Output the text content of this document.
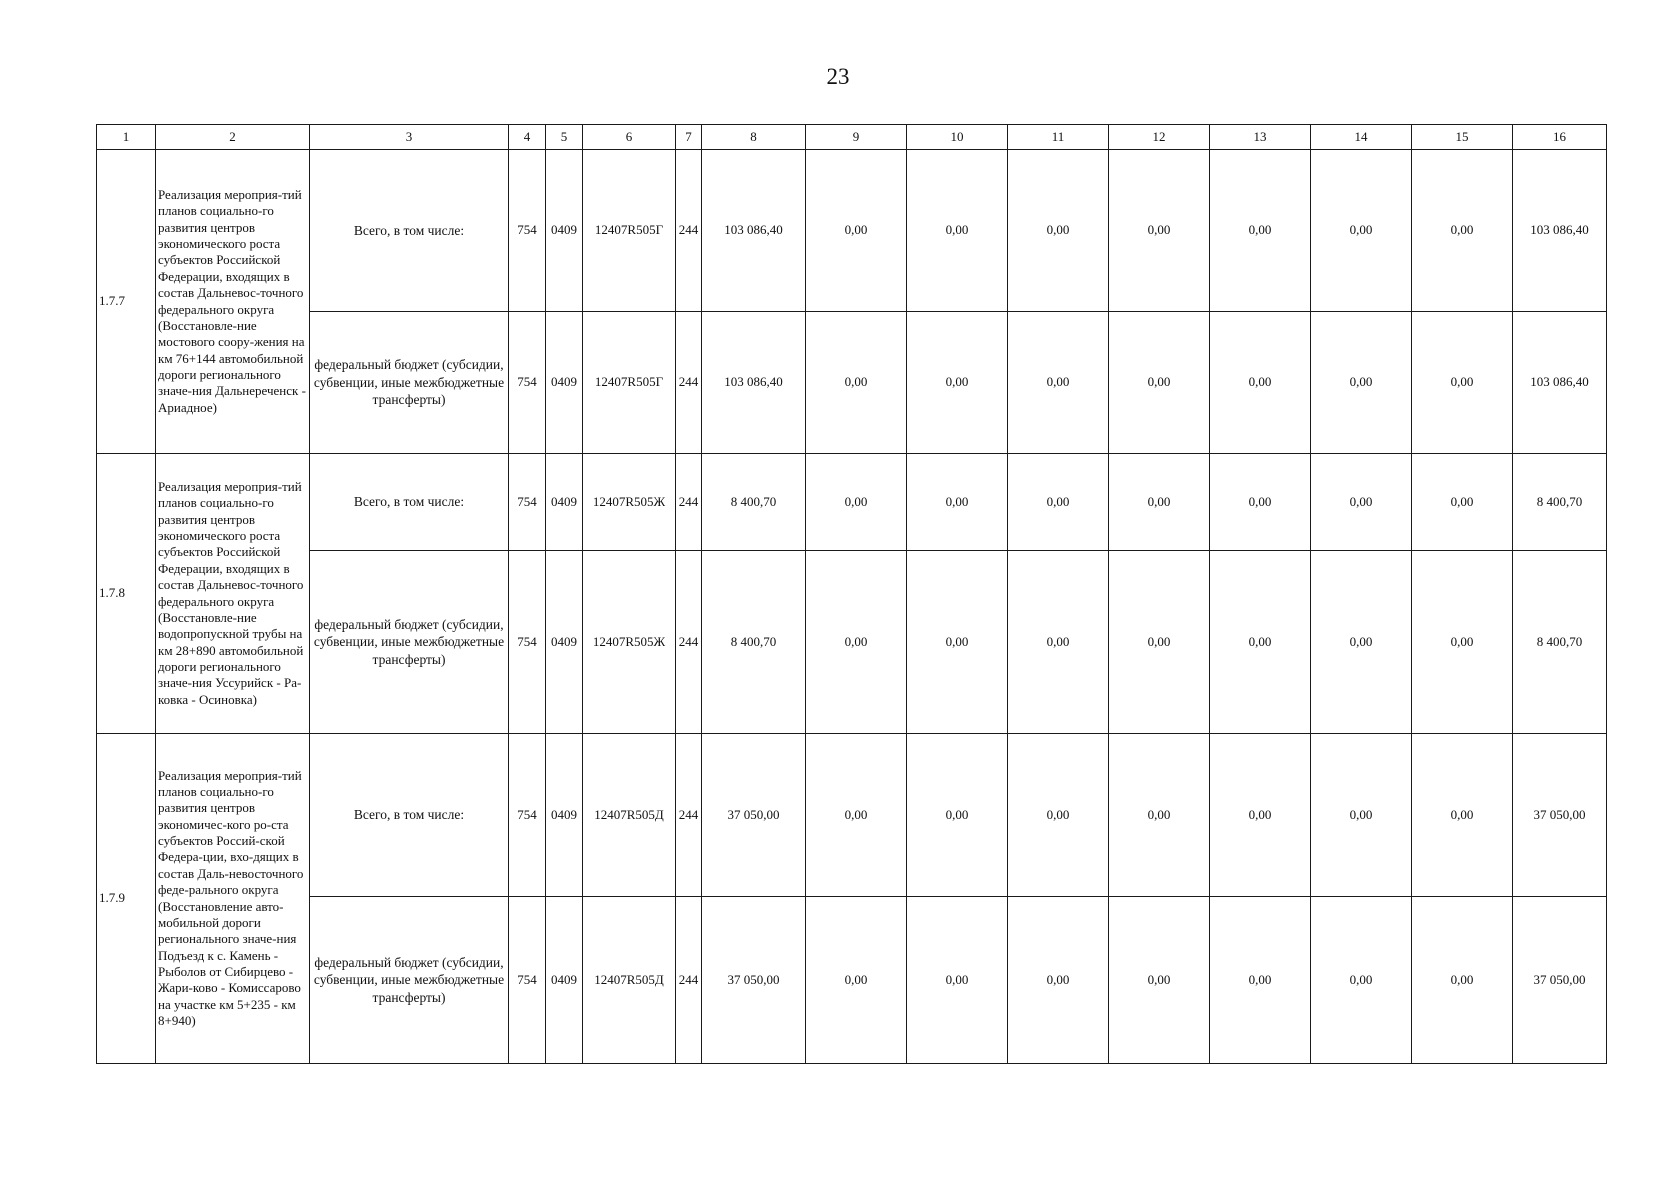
23
1	2	3	4	5	6	7	8	9	10	11	12	13	14	15	16
1.7.7	Реализация мероприя-тий планов социально-го развития центров экономического роста субъектов Российской Федерации, входящих в состав Дальневос-точного федерального округа (Восстановле-ние мостового соору-жения на км 76+144 автомобильной дороги регионального значе-ния Дальнереченск - Ариадное)	Всего, в том числе:	754	0409	12407R505Г	244	103 086,40	0,00	0,00	0,00	0,00	0,00	0,00	0,00	103 086,40
		федеральный бюджет (субсидии, субвенции, иные межбюджетные трансферты)	754	0409	12407R505Г	244	103 086,40	0,00	0,00	0,00	0,00	0,00	0,00	0,00	103 086,40
1.7.8	Реализация мероприя-тий планов социально-го развития центров экономического роста субъектов Российской Федерации, входящих в состав Дальневос-точного федерального округа (Восстановле-ние водопропускной трубы на км 28+890 автомобильной дороги регионального значе-ния Уссурийск - Ра-ковка - Осиновка)	Всего, в том числе:	754	0409	12407R505Ж	244	8 400,70	0,00	0,00	0,00	0,00	0,00	0,00	0,00	8 400,70
		федеральный бюджет (субсидии, субвенции, иные межбюджетные трансферты)	754	0409	12407R505Ж	244	8 400,70	0,00	0,00	0,00	0,00	0,00	0,00	0,00	8 400,70
1.7.9	Реализация мероприя-тий планов социально-го развития центров экономичес-кого ро-ста субъектов Россий-ской Федера-ции, вхо-дящих в состав Даль-невосточного феде-рального округа (Восстановление авто-мобильной дороги регионального значе-ния Подъезд к с. Камень - Рыболов от Сибирцево - Жари-ково - Комиссарово на участке км 5+235 - км 8+940)	Всего, в том числе:	754	0409	12407R505Д	244	37 050,00	0,00	0,00	0,00	0,00	0,00	0,00	0,00	37 050,00
		федеральный бюджет (субсидии, субвенции, иные межбюджетные трансферты)	754	0409	12407R505Д	244	37 050,00	0,00	0,00	0,00	0,00	0,00	0,00	0,00	37 050,00
